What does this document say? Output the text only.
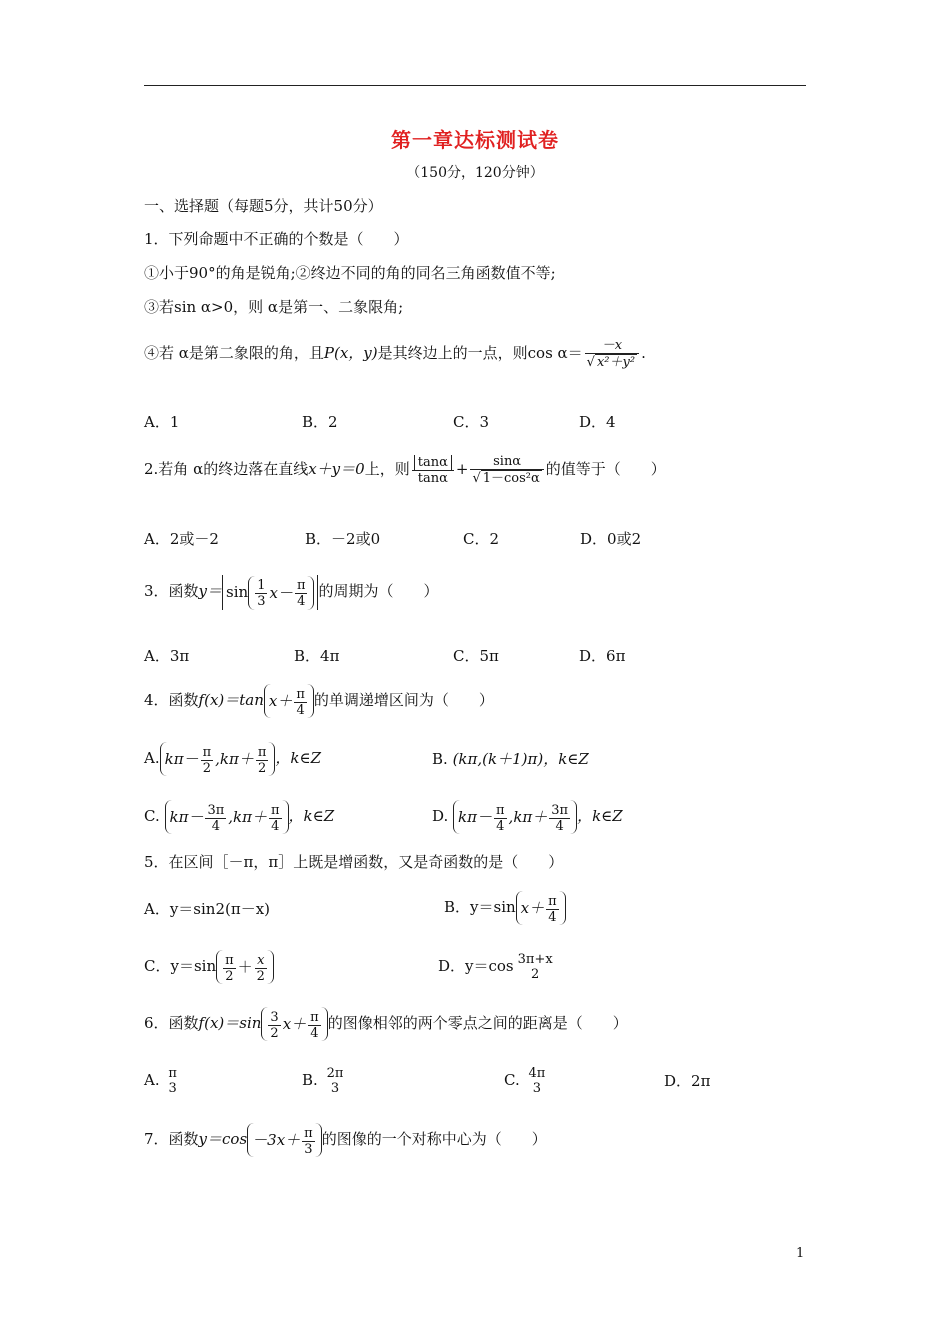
第一章达标测试卷
（150分，120分钟）
一、选择题（每题5分，共计50分）
1．下列命题中不正确的个数是（　　）
①小于90°的角是锐角;②终边不同的角的同名三角函数值不等;
③若sin α>0，则 α是第一、二象限角;
④若 α是第二象限的角，且P(x，y)是其终边上的一点，则$\cos \alpha= \frac{-x}{\text{√ x²＋y²}}$ .
A．1	B．2	C．3	D．4
2.若角 α的终边落在直线x＋y＝0上，则 $\frac{\tan\alpha}{\tan\alpha} + \frac{\sin\alpha}{\text{√ 1－cos²α}}$ 的值等于（　　）
A．2或－2	B．－2或0	C．2	D．0或2
3．函数$y= \sin \frac{1}{3} x- \frac{\pi}{4}$ 的周期为（　　）
A．3π	B．4π	C．5π	D．6π
4．函数f(x)＝tan $x+ \frac{\pi}{4}$ 的单调递增区间为（　　）
A. $k\pi- \frac{\pi}{2} ,k\pi+ \frac{\pi}{2}$ ，k∈Z	B. (kπ,(k＋1)π)，k∈Z
C. $k\pi- \frac{3\pi}{4} ,k\pi+ \frac{\pi}{4}$ ，k∈Z	D. $k\pi- \frac{\pi}{4} ,k\pi+ \frac{3\pi}{4}$ ，k∈Z
5．在区间［－π，π］上既是增函数，又是奇函数的是（　　）
A．y＝sin2(π－x)	B．y＝sin $x+ \frac{\pi}{4}$
C．$y=\sin \frac{\pi}{2} + \frac{x}{2}$	D．y＝cos 3π+x
2
6．函数$f(x)=\sin \frac{3}{2} x+ \frac{\pi}{4}$ 的图像相邻的两个零点之间的距离是（　　）
A. π
3	B. 2π
3	C. 4π
3	D．2π
7．函数$y=\cos -3x+ \frac{\pi}{3}$ 的图像的一个对称中心为（　　）
1
